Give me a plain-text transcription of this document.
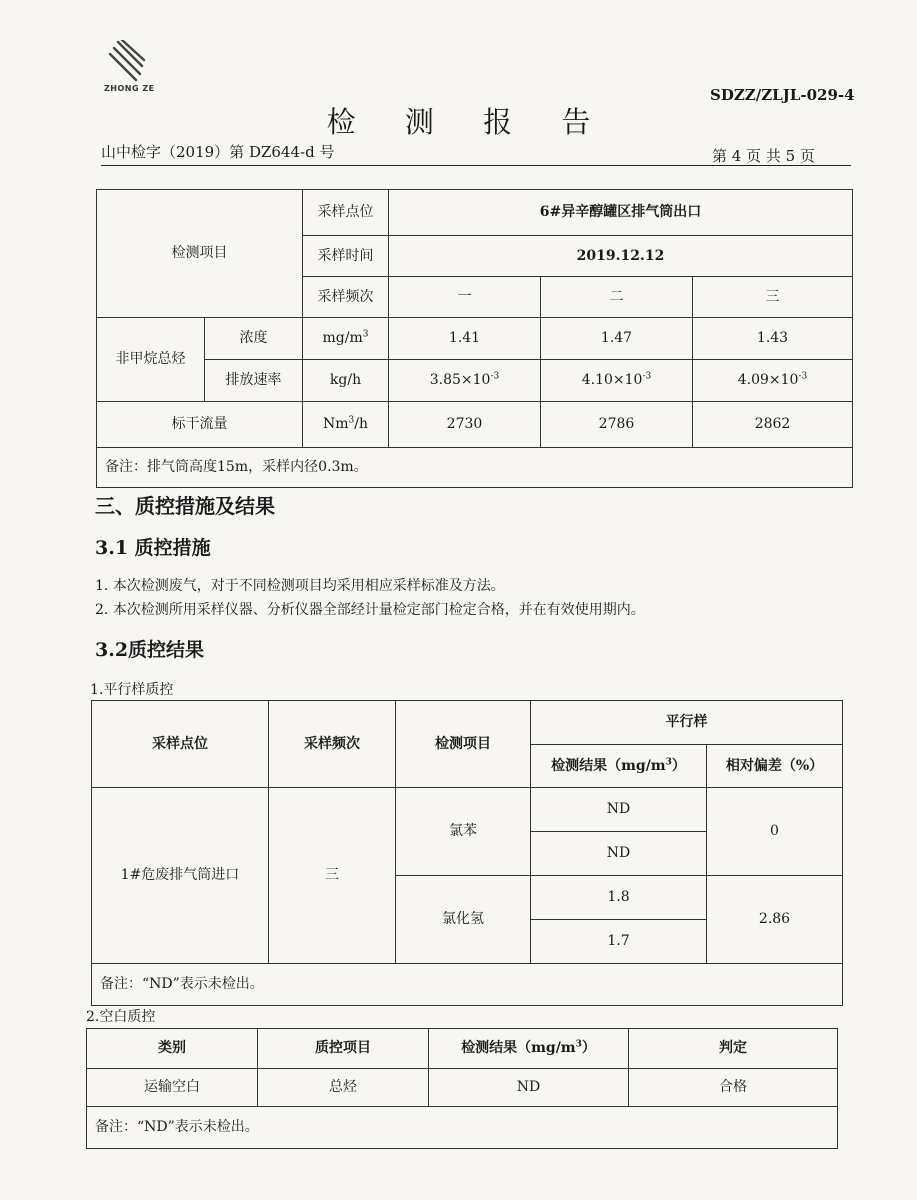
ZHONG ZE	SDZZ/ZLJL-029-4
检 测 报 告
山中检字（2019）第 DZ644-d 号	第 4 页 共 5 页
检测项目		采样点位	6#异辛醇罐区排气筒出口		
		采样时间	2019.12.12		
		采样频次	一	二	三
非甲烷总烃	浓度	$mg/m^3$	1.41	1.47	1.43
	排放速率	kg/h	$3.85\times 10^{-3}$	$4.10\times 10^{-3}$	$4.09\times 10^{-3}$
标干流量		Nm$^3$/h	2730	2786	2862
备注：排气筒高度15m，采样内径0.3m。					
三、质控措施及结果
3.1 质控措施
1. 本次检测废气，对于不同检测项目均采用相应采样标准及方法。
2. 本次检测所用采样仪器、分析仪器全部经计量检定部门检定合格，并在有效使用期内。
3.2质控结果
1.平行样质控
采样点位	采样频次	检测项目	平行样	
			检测结果$(mg/m^3)$	相对偏差（%）
1#危废排气筒进口	三	氯苯	ND	0
			ND	
		氯化氢	1.8	2.86
			1.7	
备注：“ND”表示未检出。				
2.空白质控
类别	质控项目	检测结果$(mg/m^3)$	判定
运输空白	总烃	ND	合格
备注：“ND”表示未检出。			
